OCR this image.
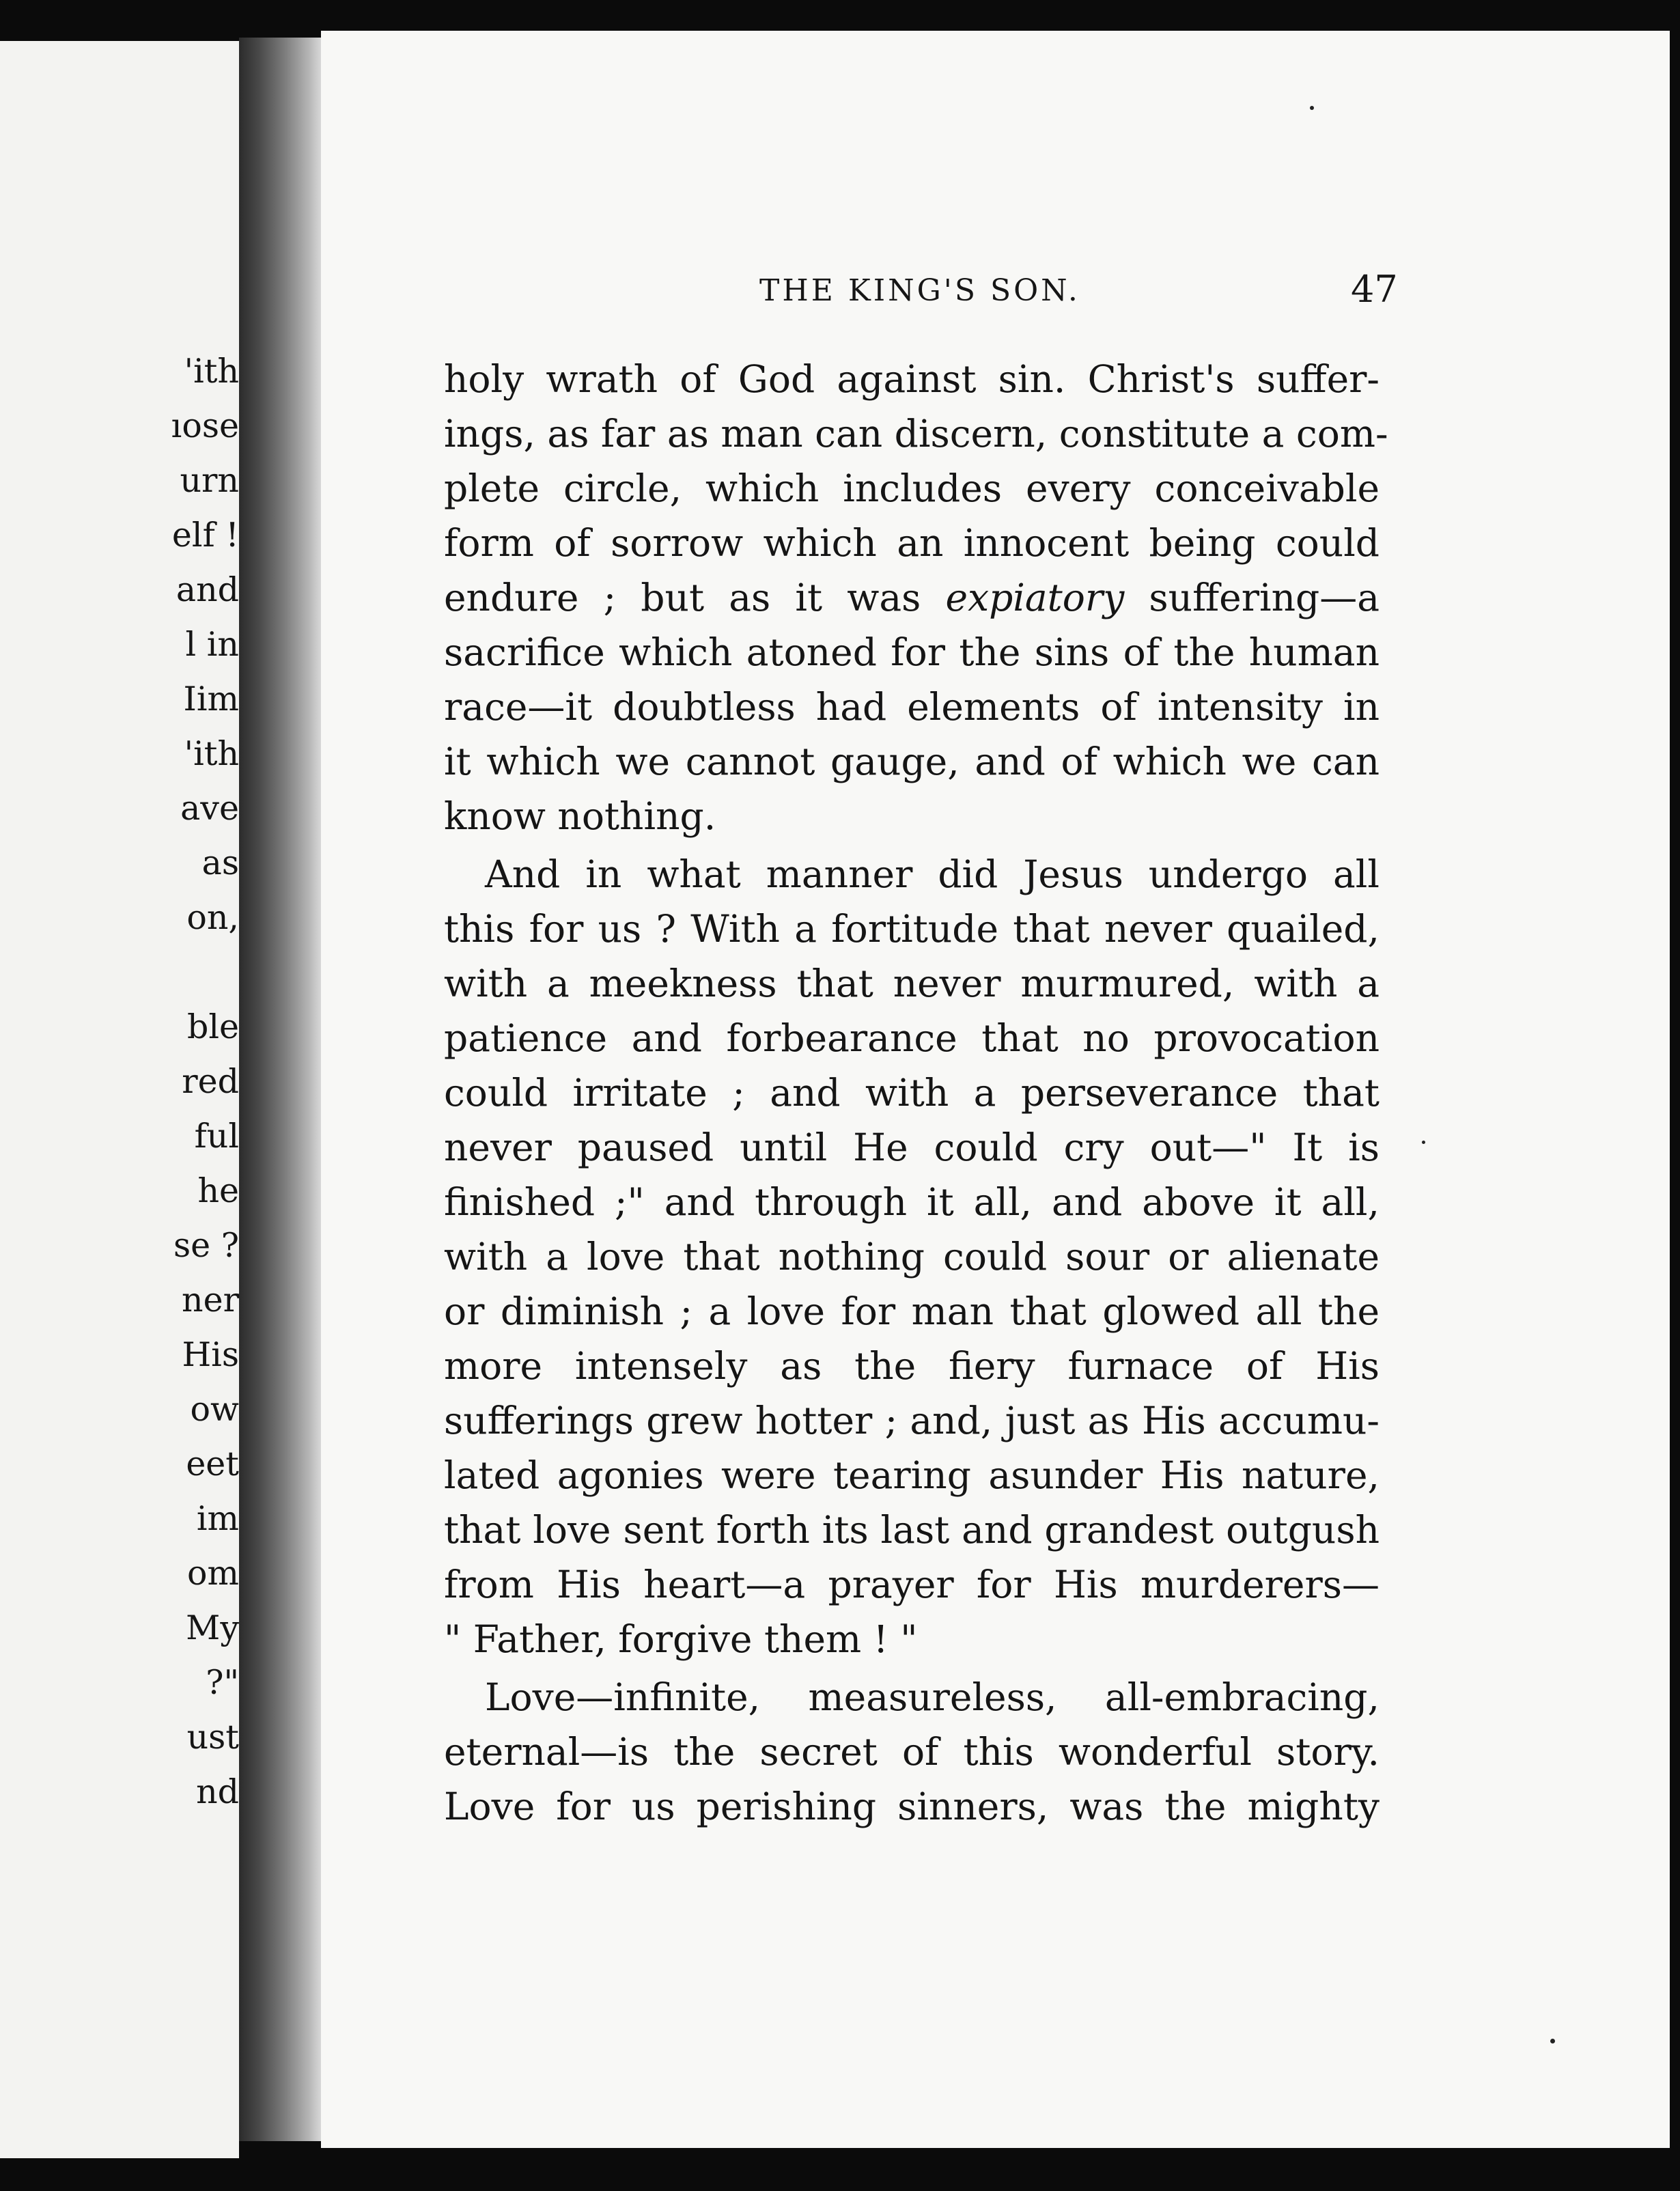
'ith
ıose
urn
elf !
and
l in
Iim
'ith
ave
as
on,
ble
red
ful
he
se ?
ner
His
ow
eet
im
om
My
?"
ust
nd
THE KING'S SON.	47
holy wrath of God against sin. Christ's suffer-
ings, as far as man can discern, constitute a com-
plete circle, which includes every conceivable
form of sorrow which an innocent being could
endure ; but as it was expiatory suffering—a
sacrifice which atoned for the sins of the human
race—it doubtless had elements of intensity in
it which we cannot gauge, and of which we can
know nothing.
And in what manner did Jesus undergo all
this for us ? With a fortitude that never quailed,
with a meekness that never murmured, with a
patience and forbearance that no provocation
could irritate ; and with a perseverance that
never paused until He could cry out—" It is
finished ;" and through it all, and above it all,
with a love that nothing could sour or alienate
or diminish ; a love for man that glowed all the
more intensely as the fiery furnace of His
sufferings grew hotter ; and, just as His accumu-
lated agonies were tearing asunder His nature,
that love sent forth its last and grandest outgush
from His heart—a prayer for His murderers—
" Father, forgive them ! "
Love—infinite, measureless, all-embracing,
eternal—is the secret of this wonderful story.
Love for us perishing sinners, was the mighty
